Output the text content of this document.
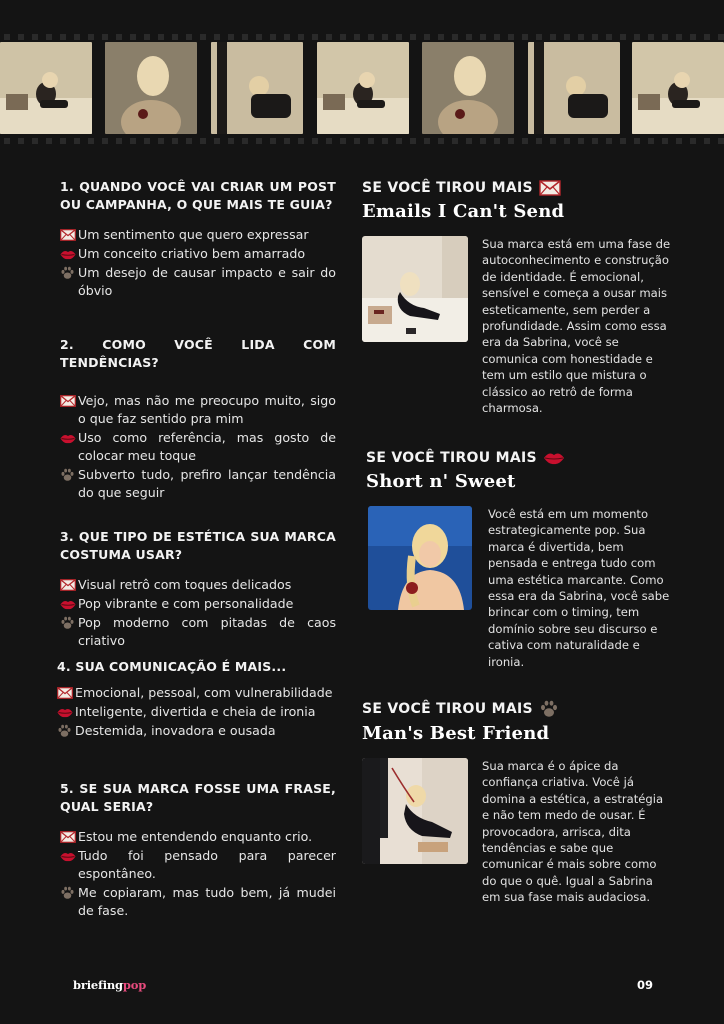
1. QUANDO VOCÊ VAI CRIAR UM POST OU CAMPANHA, O QUE MAIS TE GUIA?
Um sentimento que quero expressar
Um conceito criativo bem amarrado
Um desejo de causar impacto e sair do óbvio
2. COMO VOCÊ LIDA COM TENDÊNCIAS?
Vejo, mas não me preocupo muito, sigo o que faz sentido pra mim
Uso como referência, mas gosto de colocar meu toque
Subverto tudo, prefiro lançar tendência do que seguir
3. QUE TIPO DE ESTÉTICA SUA MARCA COSTUMA USAR?
Visual retrô com toques delicados
Pop vibrante e com personalidade
Pop moderno com pitadas de caos criativo
4. SUA COMUNICAÇÃO É MAIS...
Emocional, pessoal, com vulnerabilidade
Inteligente, divertida e cheia de ironia
Destemida, inovadora e ousada
5. SE SUA MARCA FOSSE UMA FRASE, QUAL SERIA?
Estou me entendendo enquanto crio.
Tudo foi pensado para parecer espontâneo.
Me copiaram, mas tudo bem, já mudei de fase.
SE VOCÊ TIROU MAIS
Emails I Can't Send
Sua marca está em uma fase de autoconhecimento e construção de identidade. É emocional, sensível e começa a ousar mais esteticamente, sem perder a profundidade. Assim como essa era da Sabrina, você se comunica com honestidade e tem um estilo que mistura o clássico ao retrô de forma charmosa.
SE VOCÊ TIROU MAIS
Short n' Sweet
Você está em um momento estrategicamente pop. Sua marca é divertida, bem pensada e entrega tudo com uma estética marcante. Como essa era da Sabrina, você sabe brincar com o timing, tem domínio sobre seu discurso e cativa com naturalidade e ironia.
SE VOCÊ TIROU MAIS
Man's Best Friend
Sua marca é o ápice da confiança criativa. Você já domina a estética, a estratégia e não tem medo de ousar. É provocadora, arrisca, dita tendências e sabe que comunicar é mais sobre como do que o quê. Igual a Sabrina em sua fase mais audaciosa.
briefingpop	09
